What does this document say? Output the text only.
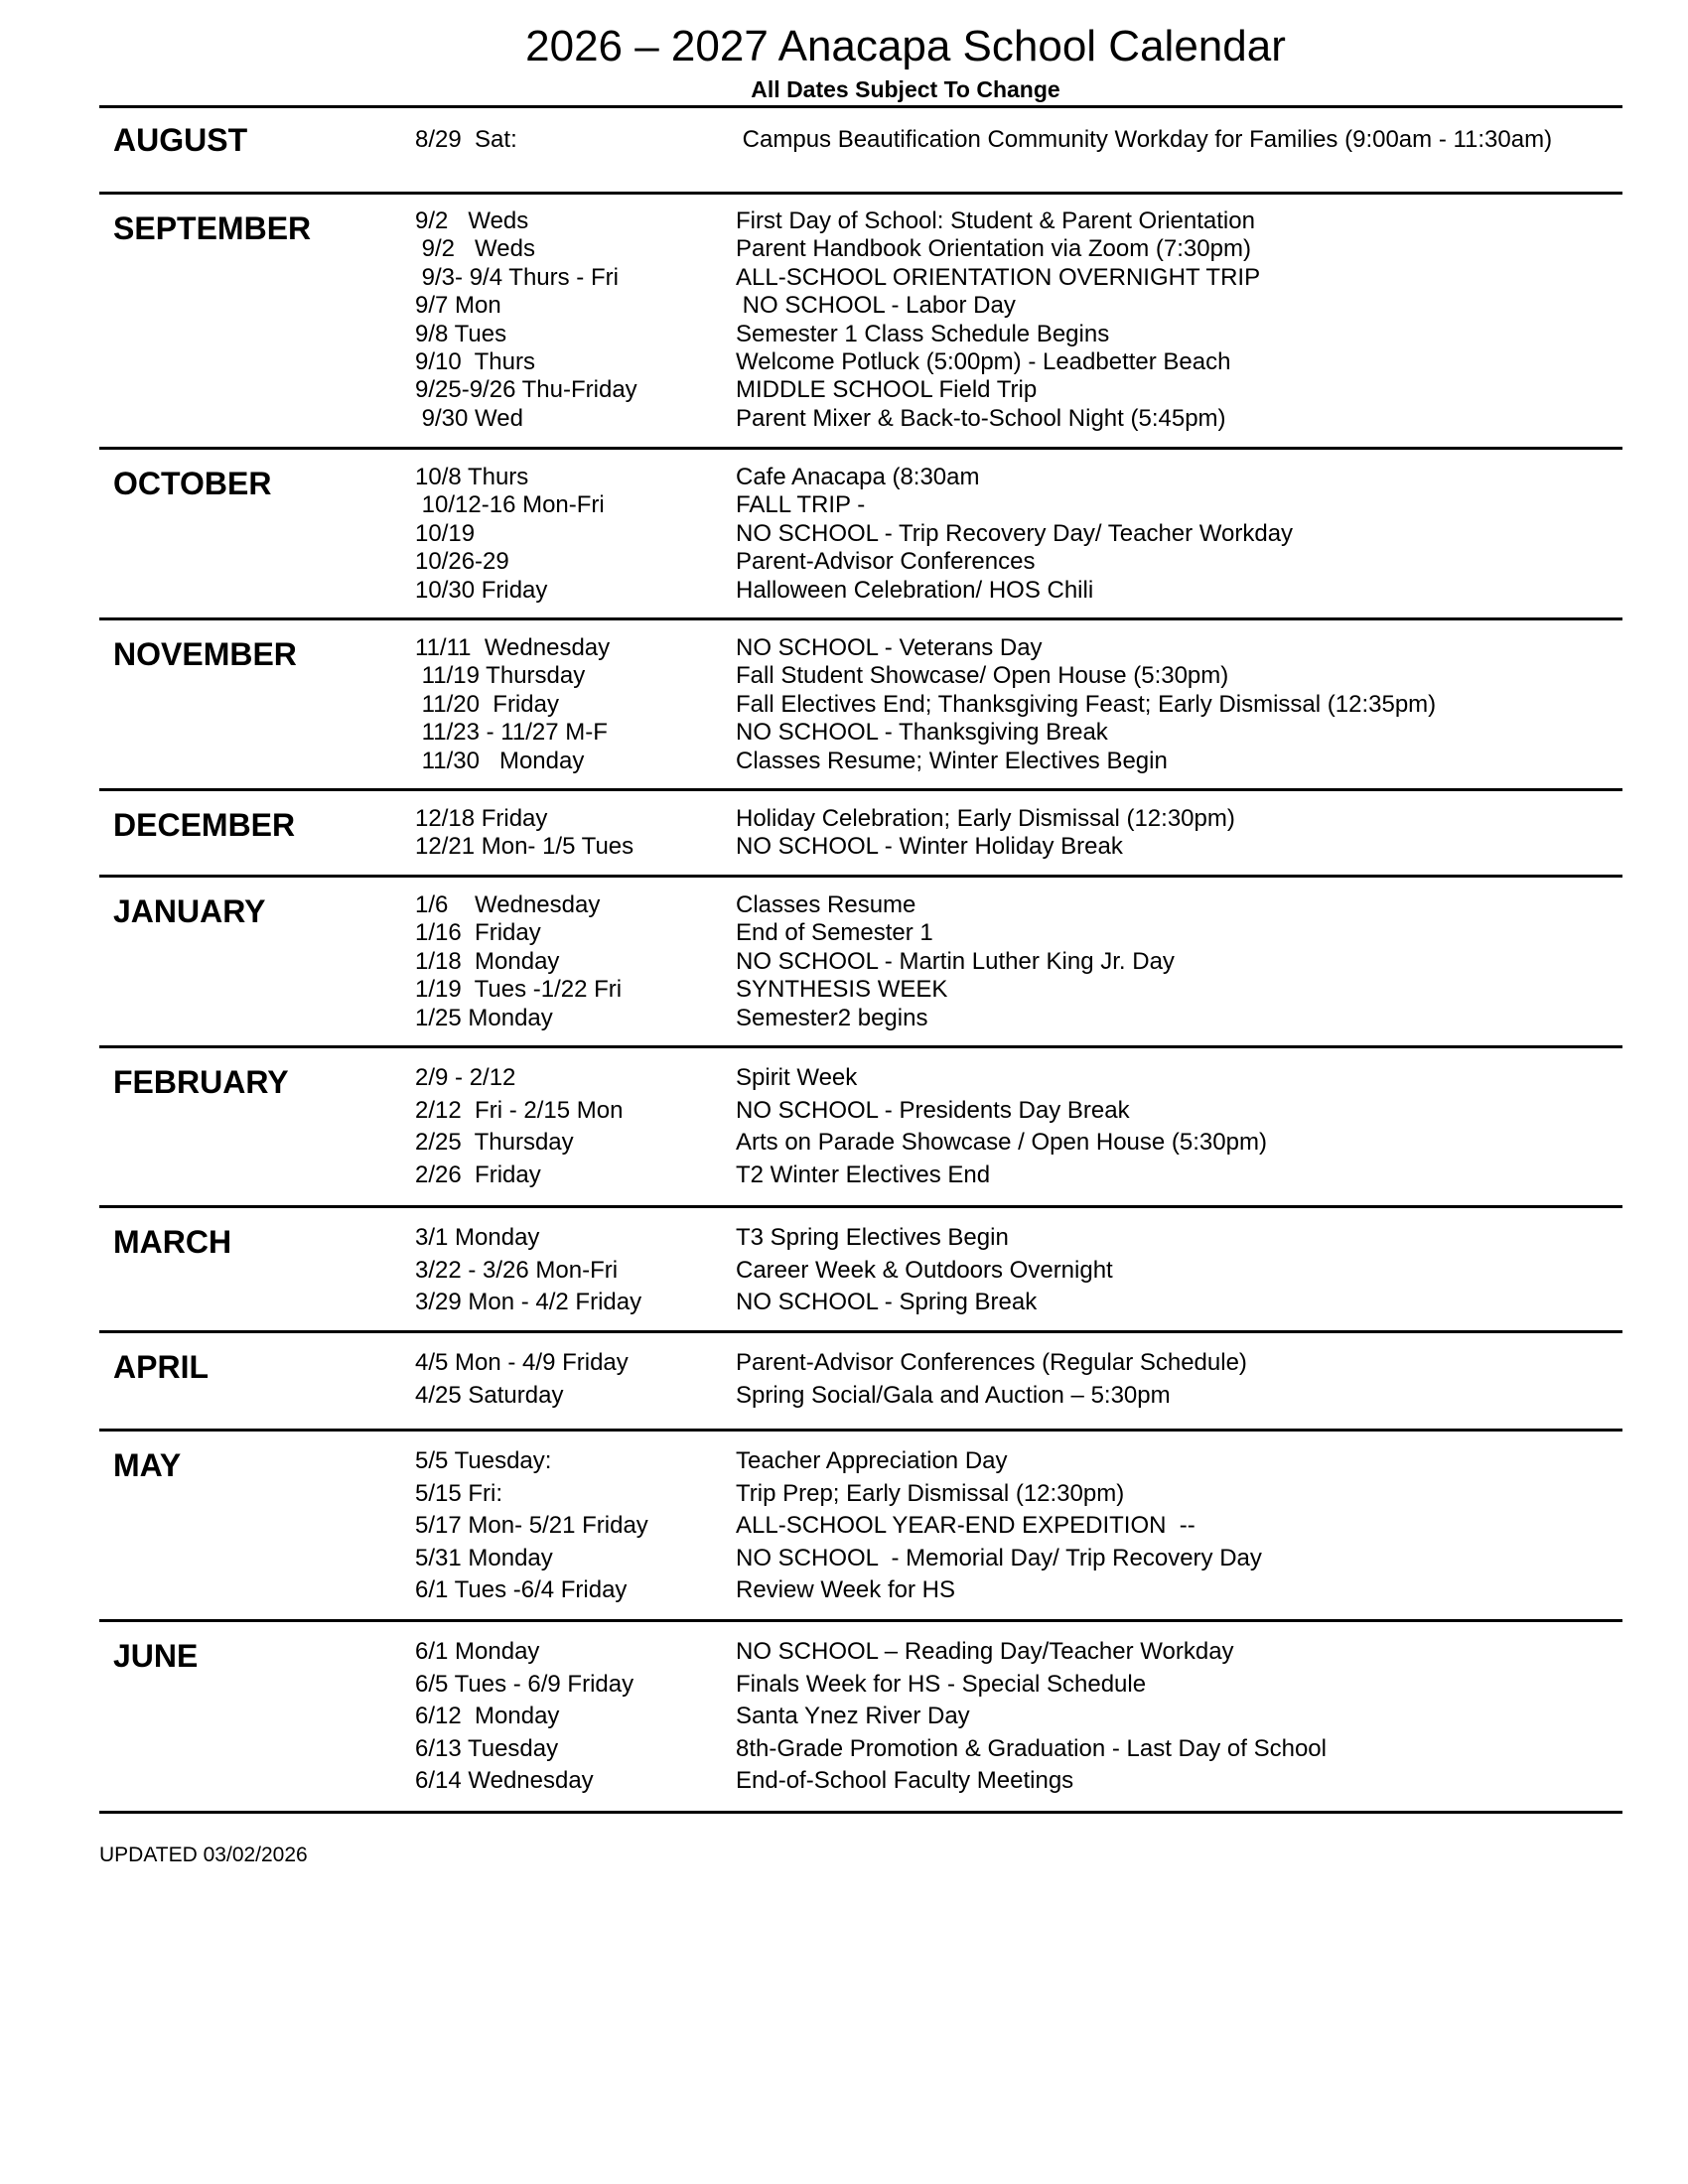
2026 – 2027 Anacapa School Calendar
All Dates Subject To Change
AUGUST	8/29  Sat:	Campus Beautification Community Workday for Families (9:00am - 11:30am)
SEPTEMBER	9/2   Weds	First Day of School: Student & Parent Orientation
9/2   Weds	Parent Handbook Orientation via Zoom (7:30pm)
9/3- 9/4 Thurs - Fri	ALL-SCHOOL ORIENTATION OVERNIGHT TRIP
9/7 Mon	NO SCHOOL - Labor Day
9/8 Tues	Semester 1 Class Schedule Begins
9/10  Thurs	Welcome Potluck (5:00pm) - Leadbetter Beach
9/25-9/26 Thu-Friday	MIDDLE SCHOOL Field Trip
9/30 Wed	Parent Mixer & Back-to-School Night (5:45pm)
OCTOBER	10/8 Thurs	Cafe Anacapa (8:30am
10/12-16 Mon-Fri	FALL TRIP -
10/19	NO SCHOOL - Trip Recovery Day/ Teacher Workday
10/26-29	Parent-Advisor Conferences
10/30 Friday	Halloween Celebration/ HOS Chili
NOVEMBER	11/11  Wednesday	NO SCHOOL - Veterans Day
11/19 Thursday	Fall Student Showcase/ Open House (5:30pm)
11/20  Friday	Fall Electives End; Thanksgiving Feast; Early Dismissal (12:35pm)
11/23 - 11/27 M-F	NO SCHOOL - Thanksgiving Break
11/30   Monday	Classes Resume; Winter Electives Begin
DECEMBER	12/18 Friday	Holiday Celebration; Early Dismissal (12:30pm)
12/21 Mon- 1/5 Tues	NO SCHOOL - Winter Holiday Break
JANUARY	1/6    Wednesday	Classes Resume
1/16  Friday	End of Semester 1
1/18  Monday	NO SCHOOL - Martin Luther King Jr. Day
1/19  Tues -1/22 Fri	SYNTHESIS WEEK
1/25 Monday	Semester2 begins
FEBRUARY	2/9 - 2/12	Spirit Week
2/12  Fri - 2/15 Mon	NO SCHOOL - Presidents Day Break
2/25  Thursday	Arts on Parade Showcase / Open House (5:30pm)
2/26  Friday	T2 Winter Electives End
MARCH	3/1 Monday	T3 Spring Electives Begin
3/22 - 3/26 Mon-Fri	Career Week & Outdoors Overnight
3/29 Mon - 4/2 Friday	NO SCHOOL - Spring Break
APRIL	4/5 Mon - 4/9 Friday	Parent-Advisor Conferences (Regular Schedule)
4/25 Saturday	Spring Social/Gala and Auction – 5:30pm
MAY	5/5 Tuesday:	Teacher Appreciation Day
5/15 Fri:	Trip Prep; Early Dismissal (12:30pm)
5/17 Mon- 5/21 Friday	ALL-SCHOOL YEAR-END EXPEDITION  --
5/31 Monday	NO SCHOOL  - Memorial Day/ Trip Recovery Day
6/1 Tues -6/4 Friday	Review Week for HS
JUNE	6/1 Monday	NO SCHOOL – Reading Day/Teacher Workday
6/5 Tues - 6/9 Friday	Finals Week for HS - Special Schedule
6/12  Monday	Santa Ynez River Day
6/13 Tuesday	8th-Grade Promotion & Graduation - Last Day of School
6/14 Wednesday	End-of-School Faculty Meetings
UPDATED 03/02/2026
